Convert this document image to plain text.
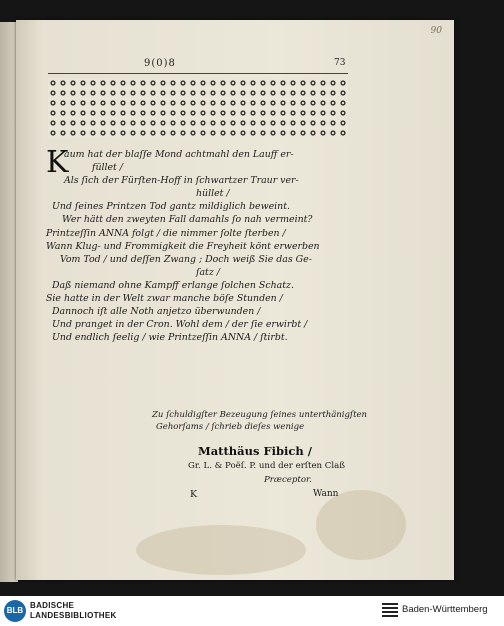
90
9(0)8	73
K
aum hat der blaſſe Mond achtmahl den Lauff er-
füllet /
Als ſich der Fürſten-Hoff in ſchwartzer Traur ver-
hüllet /
Und ſeines Printzen Tod gantz mildiglich beweint.
Wer hätt den zweyten Fall damahls ſo nah vermeint?
Printzeſſin ANNA folgt / die nimmer ſolte ſterben /
Wann Klug- und Frommigkeit die Freyheit könt erwerben
Vom Tod / und deſſen Zwang ; Doch weiß Sie das Ge-
ſatz /
Daß niemand ohne Kampff erlange ſolchen Schatz.
Sie hatte in der Welt zwar manche böſe Stunden /
Dannoch iſt alle Noth anjetzo überwunden /
Und pranget in der Cron. Wohl dem / der ſie erwirbt /
Und endlich ſeelig / wie Printzeſſin ANNA / ſtirbt.
Zu ſchuldigſter Bezeugung ſeines unterthänigſten
Gehorſams / ſchrieb dieſes wenige
Matthäus Fibich /
Gr. L. & Poëſ. P. und der erſten Claß
Præceptor.
K	Wann
BLB
BADISCHE
LANDESBIBLIOTHEK
Baden-Württemberg
